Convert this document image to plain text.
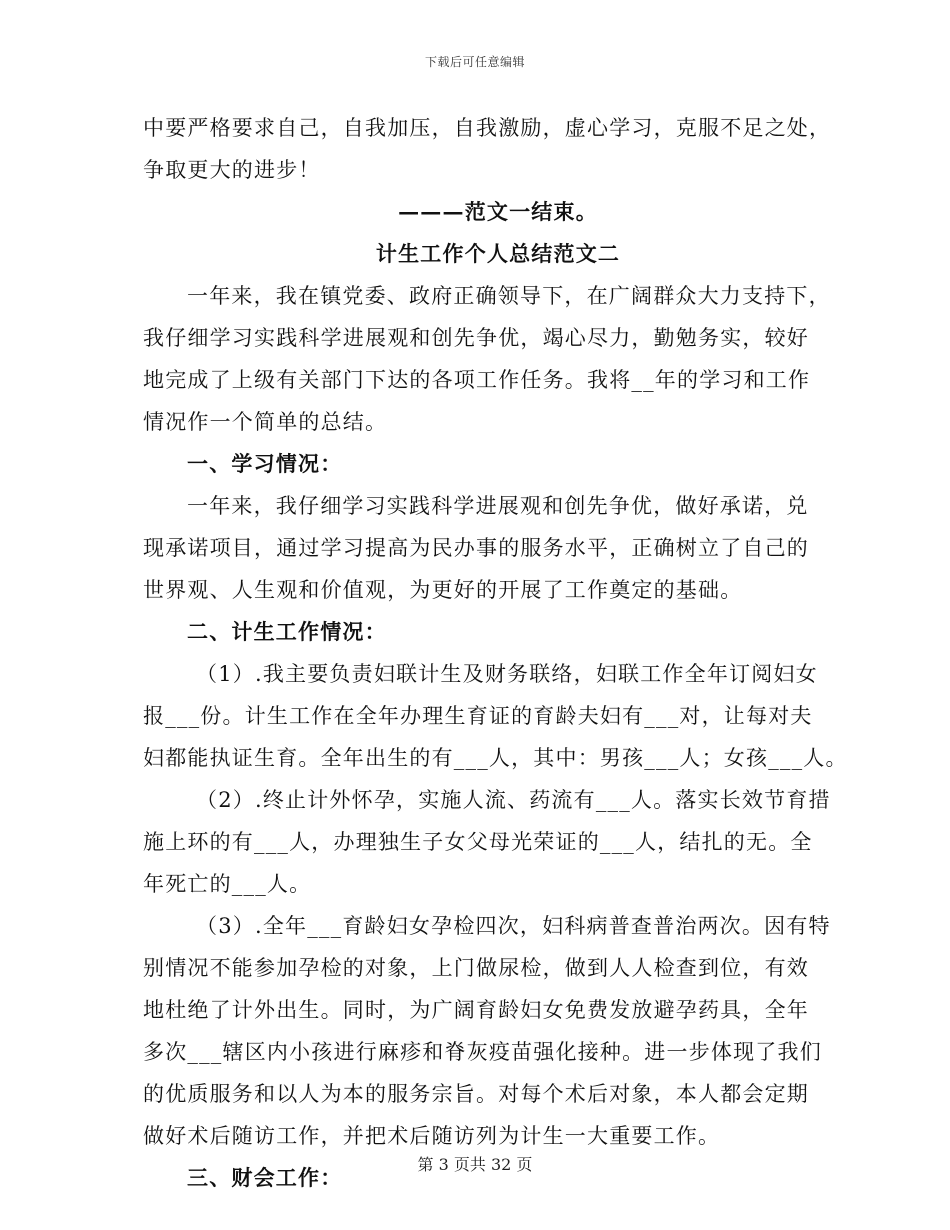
下载后可任意编辑
中要严格要求自己，自我加压，自我激励，虚心学习，克服不足之处，
争取更大的进步！
———范文一结束。
计生工作个人总结范文二
一年来，我在镇党委、政府正确领导下，在广阔群众大力支持下，
我仔细学习实践科学进展观和创先争优，竭心尽力，勤勉务实，较好
地完成了上级有关部门下达的各项工作任务。我将__年的学习和工作
情况作一个简单的总结。
一、学习情况：
一年来，我仔细学习实践科学进展观和创先争优，做好承诺，兑
现承诺项目，通过学习提高为民办事的服务水平，正确树立了自己的
世界观、人生观和价值观，为更好的开展了工作奠定的基础。
二、计生工作情况：
（1）.我主要负责妇联计生及财务联络，妇联工作全年订阅妇女
报___份。计生工作在全年办理生育证的育龄夫妇有___对，让每对夫
妇都能执证生育。全年出生的有___人，其中：男孩___人；女孩___人。
（2）.终止计外怀孕，实施人流、药流有___人。落实长效节育措
施上环的有___人，办理独生子女父母光荣证的___人，结扎的无。全
年死亡的___人。
（3）.全年___育龄妇女孕检四次，妇科病普查普治两次。因有特
别情况不能参加孕检的对象，上门做尿检，做到人人检查到位，有效
地杜绝了计外出生。同时，为广阔育龄妇女免费发放避孕药具，全年
多次___辖区内小孩进行麻疹和脊灰疫苗强化接种。进一步体现了我们
的优质服务和以人为本的服务宗旨。对每个术后对象，本人都会定期
做好术后随访工作，并把术后随访列为计生一大重要工作。
三、财会工作：
第 3 页共 32 页
